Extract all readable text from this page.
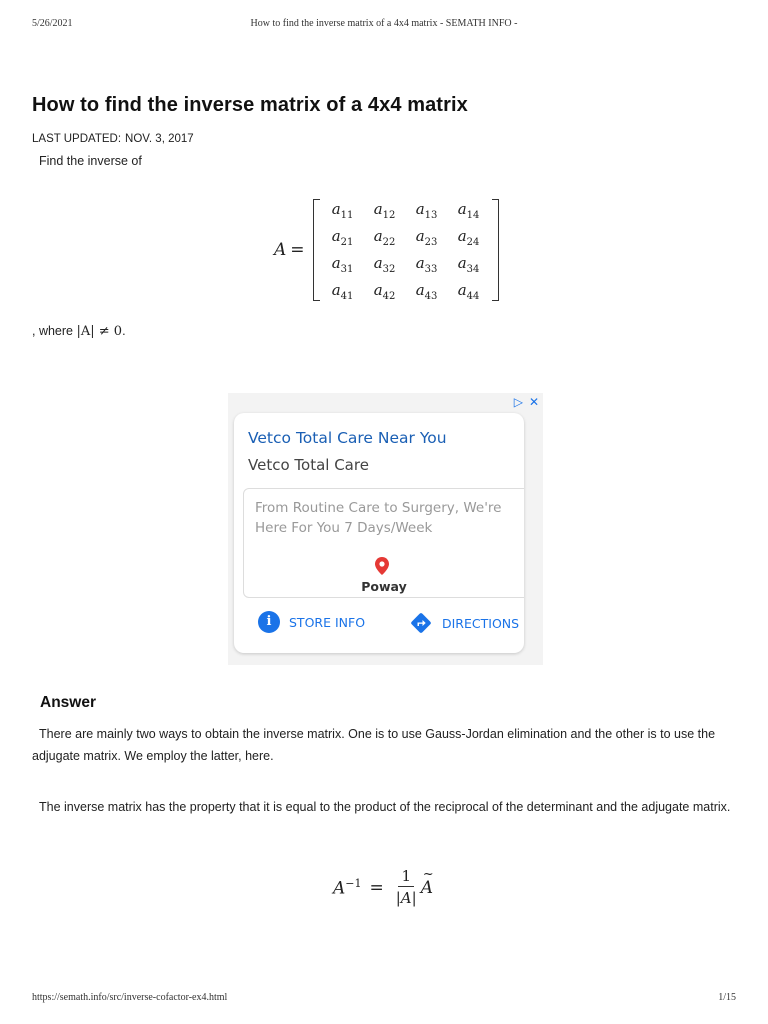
5/26/2021	How to find the inverse matrix of a 4x4 matrix - SEMATH INFO -
How to find the inverse matrix of a 4x4 matrix
LAST UPDATED: NOV. 3, 2017
Find the inverse of
A =
$a_{11}$	$a_{12}$	$a_{13}$	$a_{14}$
$a_{21}$	$a_{22}$	$a_{23}$	$a_{24}$
$a_{31}$	$a_{32}$	$a_{33}$	$a_{34}$
$a_{41}$	$a_{42}$	$a_{43}$	$a_{44}$
, where |A| ≠ 0.
▷ ✕
Vetco Total Care Near You
Vetco Total Care
From Routine Care to Surgery, We're Here For You 7 Days/Week
Poway
i	STORE INFO	DIRECTIONS
Answer

There are mainly two ways to obtain the inverse matrix. One is to use Gauss-Jordan elimination and the other is to use the adjugate matrix. We employ the latter, here.

The inverse matrix has the property that it is equal to the product of the reciprocal of the determinant and the adjugate matrix.

$A^{-1} = \frac{1}{|A|}$
~ A
https://semath.info/src/inverse-cofactor-ex4.html	1/15
